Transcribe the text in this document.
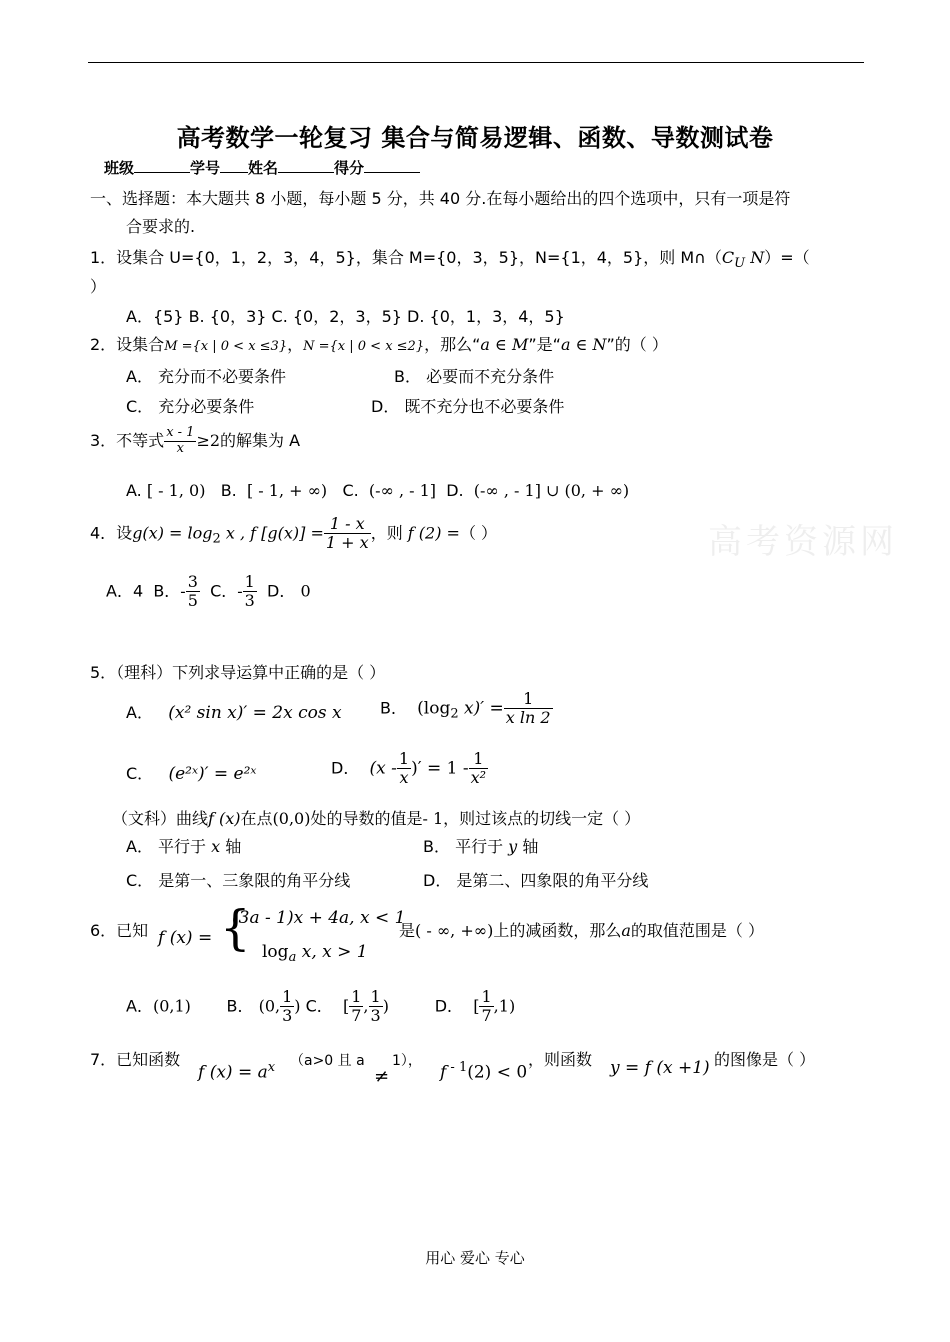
高考数学一轮复习 集合与简易逻辑、函数、导数测试卷
班级	学号 姓名	得分
一、选择题：本大题共 8 小题，每小题 5 分，共 40 分.在每小题给出的四个选项中，只有一项是符
合要求的.
1．设集合 U={0，1，2，3，4，5}，集合 M={0，3，5}，N={1，4，5}，则 $M\cap(C_U$ N）=（
）
A．{5} B. {0，3} C. {0，2，3，5} D. {0，1，3，4，5}
2．设集合M ={x | 0 < x ≤3}，N ={x | 0 < x ≤2}，那么“a ∈ M”是“a ∈ N”的（ ）
A． 充分而不必要条件	B． 必要而不充分条件
C． 充分必要条件	D． 既不充分也不必要条件
3．不等式 $\frac{x - 1}{x} \ge 2$的解集为 A
A. [ - 1, 0) B. [ - 1, + ∞) C. (-∞ , - 1] D. (-∞ , - 1] ∪ (0, + ∞)
高考资源网
4．设$g(x) = \log_2 x$ , f $[g(x)] = \frac{1 - x}{1 + x}$ ，则 f (2) =（ ）
A．4 B．- $\frac{3}{5}$ C．- $\frac{1}{3}$ D． 0
5．（理科）下列求导运算中正确的是（ ）
A． (x² sin x)′ = 2x cos x B． ($\log_2$ $x)' = \frac{1}{\text{x ln 2}}$
C． (e²ˣ)′ = e²ˣ	D． ($x - \frac{1}{x}$ )′ = $1 - \frac{1}{\text{x²}}$
（文科）曲线f (x)在点(0,0)处的导数的值是- 1，则过该点的切线一定（ ）
A． 平行于 x 轴	B． 平行于 y 轴
C． 是第一、三象限的角平分线	D． 是第二、四象限的角平分线
6．已知 f (x) = {
(3a - 1)x + 4a, x < 1
$\log_a x$, x > 1
是( - ∞, +∞)上的减函数，那么a的取值范围是（ ）
A．(0,1) B． (0, $\frac{1}{3}$ ) C． [ $\frac{1}{7}$ , $\frac{1}{3}$ )	D． [ $\frac{1}{7} ,1$)
7．已知函数
f $(x) = a^x$ （a>0 且 a
≠
1），
f $^{- 1}$(2) < 0
，则函数 y = f (x +1) 的图像是（ ）
用心 爱心 专心
